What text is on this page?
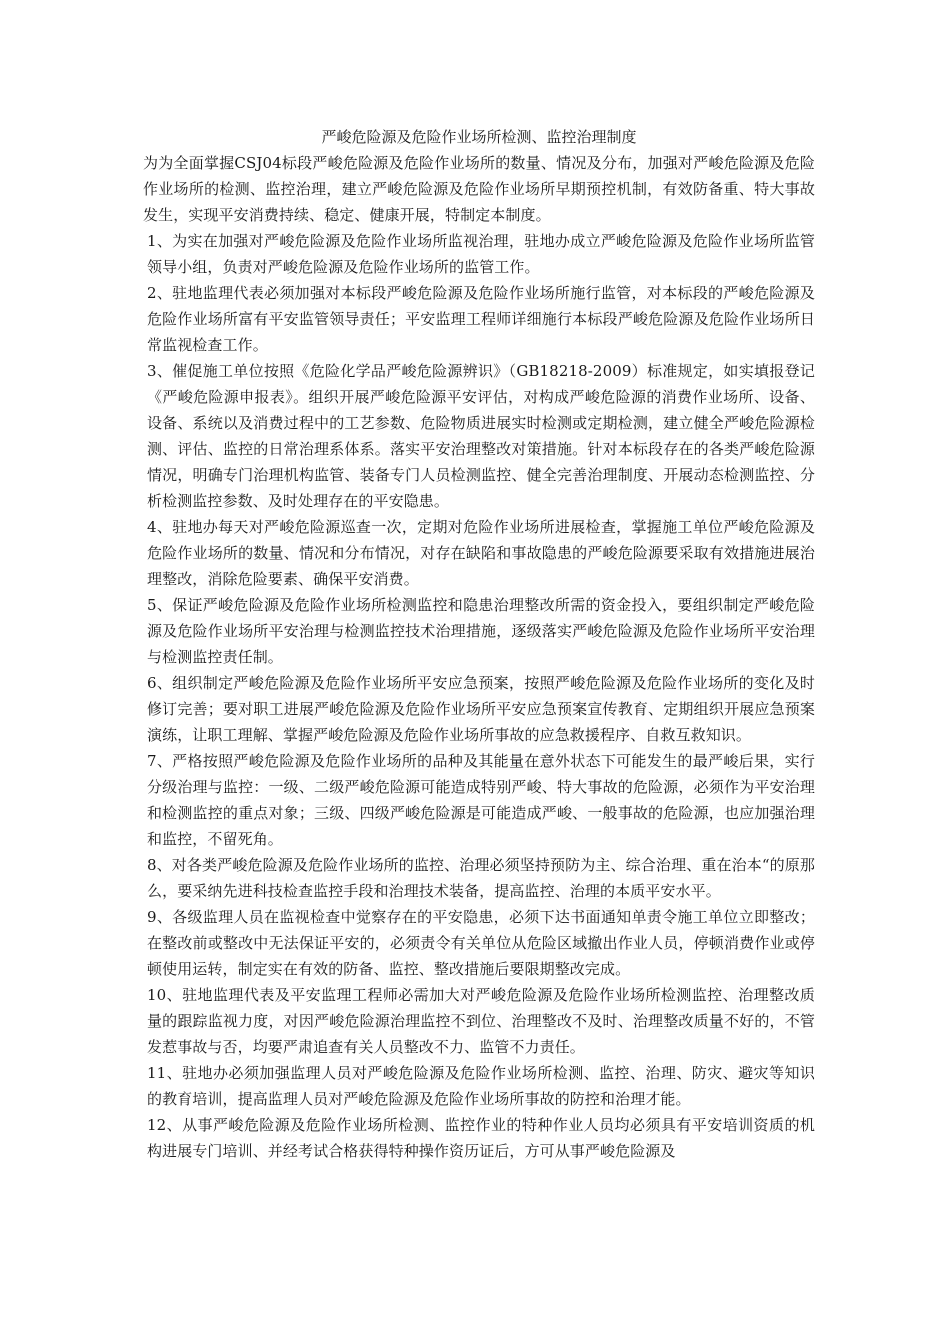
严峻危险源及危险作业场所检测、监控治理制度

为为全面掌握CSJ04标段严峻危险源及危险作业场所的数量、情况及分布，加强对严峻危险源及危险作业场所的检测、监控治理，建立严峻危险源及危险作业场所早期预控机制，有效防备重、特大事故发生，实现平安消费持续、稳定、健康开展，特制定本制度。

1、为实在加强对严峻危险源及危险作业场所监视治理，驻地办成立严峻危险源及危险作业场所监管领导小组，负责对严峻危险源及危险作业场所的监管工作。

2、驻地监理代表必须加强对本标段严峻危险源及危险作业场所施行监管，对本标段的严峻危险源及危险作业场所富有平安监管领导责任；平安监理工程师详细施行本标段严峻危险源及危险作业场所日常监视检查工作。

3、催促施工单位按照《危险化学品严峻危险源辨识》（GB18218-2009）标准规定，如实填报登记《严峻危险源申报表》。组织开展严峻危险源平安评估，对构成严峻危险源的消费作业场所、设备、设备、系统以及消费过程中的工艺参数、危险物质进展实时检测或定期检测，建立健全严峻危险源检测、评估、监控的日常治理系体系。落实平安治理整改对策措施。针对本标段存在的各类严峻危险源情况，明确专门治理机构监管、装备专门人员检测监控、健全完善治理制度、开展动态检测监控、分析检测监控参数、及时处理存在的平安隐患。

4、驻地办每天对严峻危险源巡查一次，定期对危险作业场所进展检查，掌握施工单位严峻危险源及危险作业场所的数量、情况和分布情况，对存在缺陷和事故隐患的严峻危险源要采取有效措施进展治理整改，消除危险要素、确保平安消费。

5、保证严峻危险源及危险作业场所检测监控和隐患治理整改所需的资金投入，要组织制定严峻危险源及危险作业场所平安治理与检测监控技术治理措施，逐级落实严峻危险源及危险作业场所平安治理与检测监控责任制。

6、组织制定严峻危险源及危险作业场所平安应急预案，按照严峻危险源及危险作业场所的变化及时修订完善；要对职工进展严峻危险源及危险作业场所平安应急预案宣传教育、定期组织开展应急预案演练，让职工理解、掌握严峻危险源及危险作业场所事故的应急救援程序、自救互救知识。

7、严格按照严峻危险源及危险作业场所的品种及其能量在意外状态下可能发生的最严峻后果，实行分级治理与监控：一级、二级严峻危险源可能造成特别严峻、特大事故的危险源，必须作为平安治理和检测监控的重点对象；三级、四级严峻危险源是可能造成严峻、一般事故的危险源，也应加强治理和监控，不留死角。

8、对各类严峻危险源及危险作业场所的监控、治理必须坚持预防为主、综合治理、重在治本“的原那么，要采纳先进科技检查监控手段和治理技术装备，提高监控、治理的本质平安水平。

9、各级监理人员在监视检查中觉察存在的平安隐患，必须下达书面通知单责令施工单位立即整改；在整改前或整改中无法保证平安的，必须责令有关单位从危险区域撤出作业人员，停顿消费作业或停顿使用运转，制定实在有效的防备、监控、整改措施后要限期整改完成。

10、驻地监理代表及平安监理工程师必需加大对严峻危险源及危险作业场所检测监控、治理整改质量的跟踪监视力度，对因严峻危险源治理监控不到位、治理整改不及时、治理整改质量不好的，不管发惹事故与否，均要严肃追查有关人员整改不力、监管不力责任。

11、驻地办必须加强监理人员对严峻危险源及危险作业场所检测、监控、治理、防灾、避灾等知识的教育培训，提高监理人员对严峻危险源及危险作业场所事故的防控和治理才能。

12、从事严峻危险源及危险作业场所检测、监控作业的特种作业人员均必须具有平安培训资质的机构进展专门培训、并经考试合格获得特种操作资历证后，方可从事严峻危险源及
